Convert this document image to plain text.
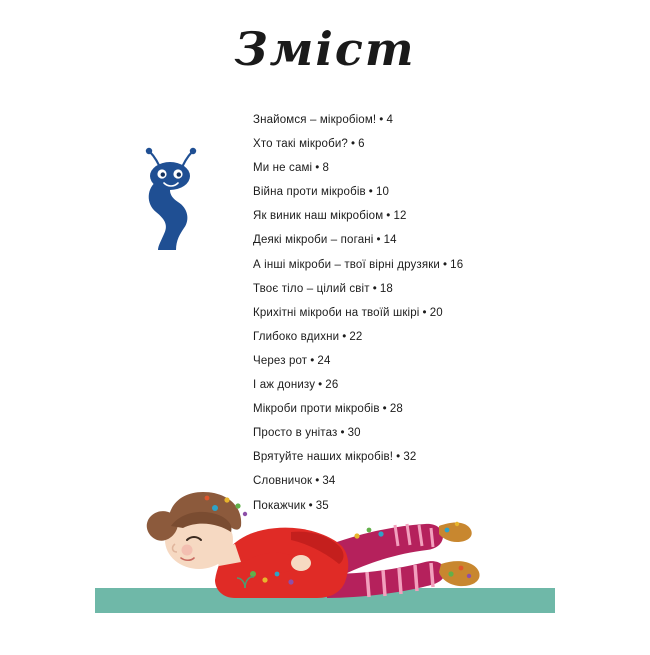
Зміст
Знайомся – мікробіом! • 4
Хто такі мікроби? • 6
Ми не самі • 8
Війна проти мікробів • 10
Як виник наш мікробіом • 12
Деякі мікроби – погані • 14
А інші мікроби – твої вірні друзяки • 16
Твоє тіло – цілий світ • 18
Крихітні мікроби на твоїй шкірі • 20
Глибоко вдихни • 22
Через рот • 24
І аж донизу • 26
Мікроби проти мікробів • 28
Просто в унітаз • 30
Врятуйте наших мікробів! • 32
Словничок • 34
Покажчик • 35
